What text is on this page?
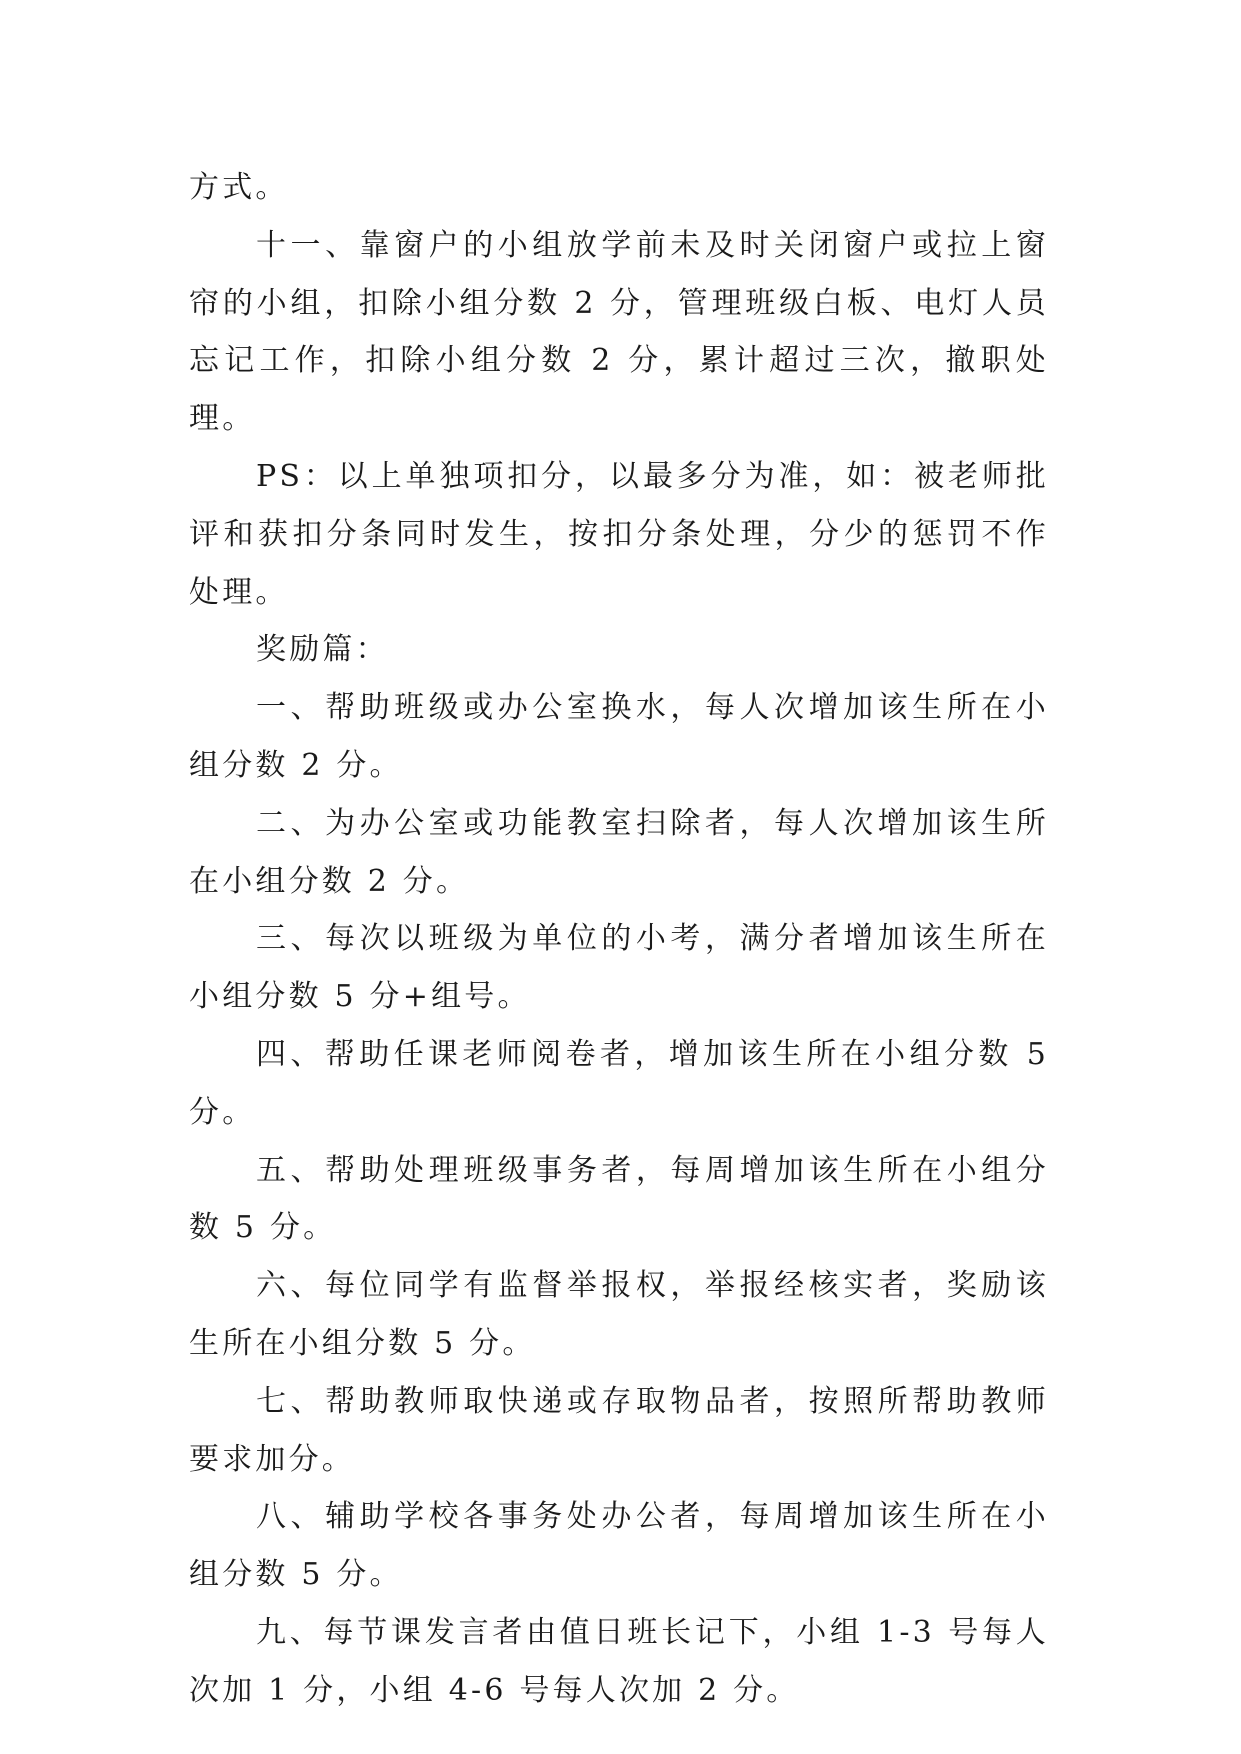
方式。

十一、靠窗户的小组放学前未及时关闭窗户或拉上窗帘的小组，扣除小组分数 2 分，管理班级白板、电灯人员忘记工作，扣除小组分数 2 分，累计超过三次，撤职处理。

PS：以上单独项扣分，以最多分为准，如：被老师批评和获扣分条同时发生，按扣分条处理，分少的惩罚不作处理。

奖励篇：

一、帮助班级或办公室换水，每人次增加该生所在小组分数 2 分。

二、为办公室或功能教室扫除者，每人次增加该生所在小组分数 2 分。

三、每次以班级为单位的小考，满分者增加该生所在小组分数 5 分+组号。

四、帮助任课老师阅卷者，增加该生所在小组分数 5 分。

五、帮助处理班级事务者，每周增加该生所在小组分数 5 分。

六、每位同学有监督举报权，举报经核实者，奖励该生所在小组分数 5 分。

七、帮助教师取快递或存取物品者，按照所帮助教师要求加分。

八、辅助学校各事务处办公者，每周增加该生所在小组分数 5 分。

九、每节课发言者由值日班长记下，小组 1-3 号每人次加 1 分，小组 4-6 号每人次加 2 分。
